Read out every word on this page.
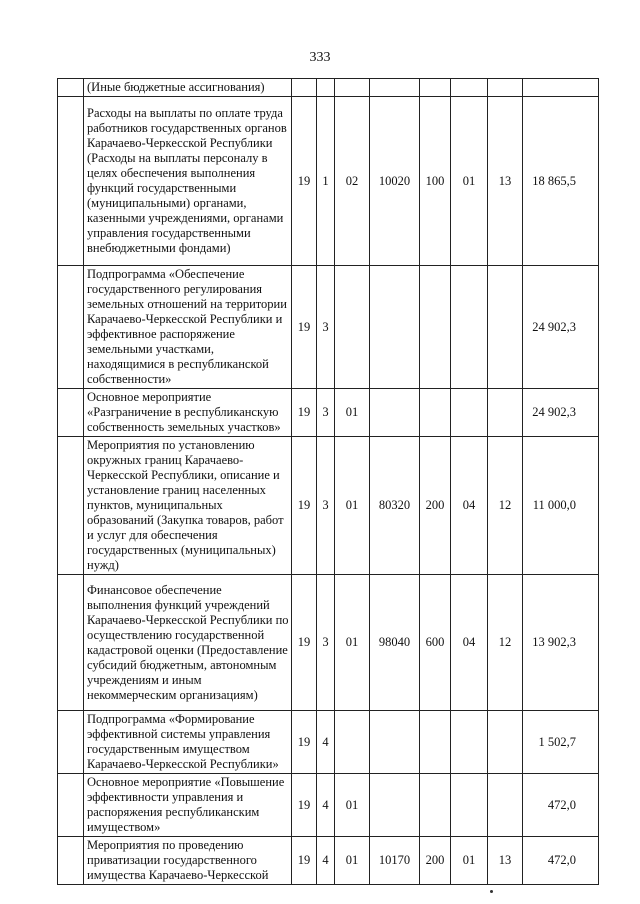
333
	(Иные бюджетные ассигнования)								
	Расходы на выплаты по оплате труда работников государственных органов Карачаево-Черкесской Республики (Расходы на выплаты персоналу в целях обеспечения выполнения функций государственными (муниципальными) органами, казенными учреждениями, органами управления государственными внебюджетными фондами)	19	1	02	10020	100	01	13	18 865,5
	Подпрограмма «Обеспечение государственного регулирования земельных отношений на территории Карачаево-Черкесской Республики и эффективное распоряжение земельными участками, находящимися в республиканской собственности»	19	3						24 902,3
	Основное мероприятие «Разграничение в республиканскую собственность земельных участков»	19	3	01					24 902,3
	Мероприятия по установлению окружных границ Карачаево-Черкесской Республики, описание и установление границ населенных пунктов, муниципальных образований (Закупка товаров, работ и услуг для обеспечения государственных (муниципальных) нужд)	19	3	01	80320	200	04	12	11 000,0
	Финансовое обеспечение выполнения функций учреждений Карачаево-Черкесской Республики по осуществлению государственной кадастровой оценки (Предоставление субсидий бюджетным, автономным учреждениям и иным некоммерческим организациям)	19	3	01	98040	600	04	12	13 902,3
	Подпрограмма «Формирование эффективной системы управления государственным имуществом Карачаево-Черкесской Республики»	19	4						1 502,7
	Основное мероприятие «Повышение эффективности управления и распоряжения республиканским имуществом»	19	4	01					472,0
	Мероприятия по проведению приватизации государственного имущества Карачаево-Черкесской	19	4	01	10170	200	01	13	472,0
